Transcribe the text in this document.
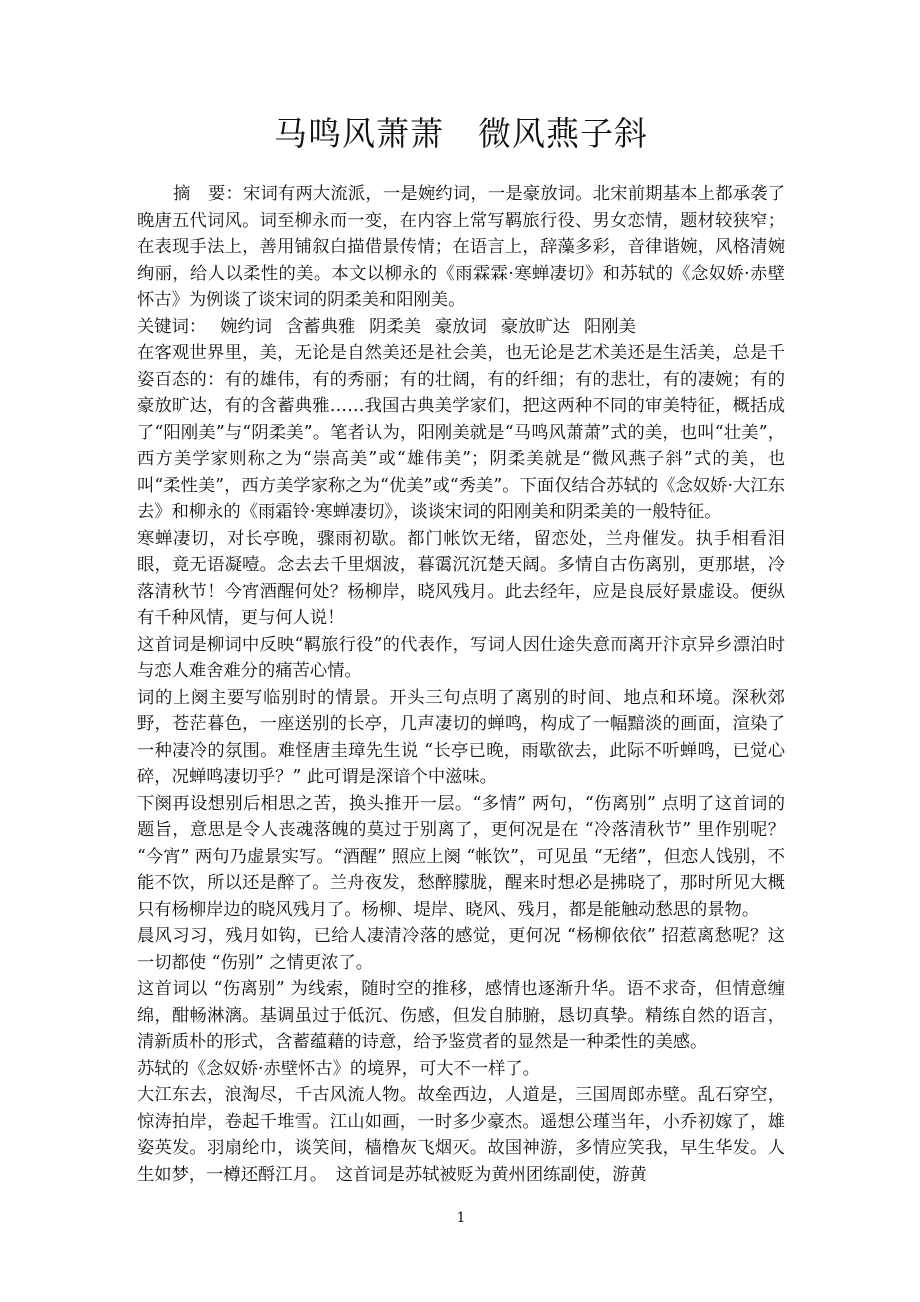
马鸣风萧萧　微风燕子斜

摘　要：宋词有两大流派，一是婉约词，一是豪放词。北宋前期基本上都承袭了晚唐五代词风。词至柳永而一变，在内容上常写羁旅行役、男女恋情，题材较狭窄；在表现手法上，善用铺叙白描借景传情；在语言上，辞藻多彩，音律谐婉，风格清婉绚丽，给人以柔性的美。本文以柳永的《雨霖霖·寒蝉凄切》和苏轼的《念奴娇·赤壁怀古》为例谈了谈宋词的阴柔美和阳刚美。

关键词： 婉约词 含蓄典雅 阴柔美 豪放词 豪放旷达 阳刚美

在客观世界里，美，无论是自然美还是社会美，也无论是艺术美还是生活美，总是千姿百态的：有的雄伟，有的秀丽；有的壮阔，有的纤细；有的悲壮，有的凄婉；有的豪放旷达，有的含蓄典雅……我国古典美学家们，把这两种不同的审美特征，概括成了“阳刚美”与“阴柔美”。笔者认为，阳刚美就是“马鸣风萧萧”式的美，也叫“壮美”，西方美学家则称之为“崇高美”或“雄伟美”；阴柔美就是“微风燕子斜”式的美，也叫“柔性美”，西方美学家称之为“优美”或“秀美”。下面仅结合苏轼的《念奴娇·大江东去》和柳永的《雨霜铃·寒蝉凄切》，谈谈宋词的阳刚美和阴柔美的一般特征。

寒蝉凄切，对长亭晚，骤雨初歇。都门帐饮无绪，留恋处，兰舟催发。执手相看泪眼，竟无语凝噎。念去去千里烟波，暮霭沉沉楚天阔。多情自古伤离别，更那堪，冷落清秋节！今宵酒醒何处？杨柳岸，晓风残月。此去经年，应是良辰好景虚设。便纵有千种风情，更与何人说！

这首词是柳词中反映“羁旅行役”的代表作，写词人因仕途失意而离开汴京异乡漂泊时与恋人难舍难分的痛苦心情。

词的上阕主要写临别时的情景。开头三句点明了离别的时间、地点和环境。深秋郊野，苍茫暮色，一座送别的长亭，几声凄切的蝉鸣，构成了一幅黯淡的画面，渲染了一种凄冷的氛围。难怪唐圭璋先生说 “长亭已晚，雨歇欲去，此际不听蝉鸣，已觉心碎，况蝉鸣凄切乎？” 此可谓是深谙个中滋味。

下阕再设想别后相思之苦，换头推开一层。“多情” 两句，“伤离别” 点明了这首词的题旨，意思是令人丧魂落魄的莫过于别离了，更何况是在 “冷落清秋节” 里作别呢？ “今宵” 两句乃虚景实写。“酒醒” 照应上阕 “帐饮”，可见虽 “无绪”，但恋人饯别，不能不饮，所以还是醉了。兰舟夜发，愁醉朦胧，醒来时想必是拂晓了，那时所见大概只有杨柳岸边的晓风残月了。杨柳、堤岸、晓风、残月，都是能触动愁思的景物。

晨风习习，残月如钩，已给人凄清冷落的感觉，更何况 “杨柳依依” 招惹离愁呢？这一切都使 “伤别” 之情更浓了。

这首词以 “伤离别” 为线索，随时空的推移，感情也逐渐升华。语不求奇，但情意缠绵，酣畅淋漓。基调虽过于低沉、伤感，但发自肺腑，恳切真挚。精练自然的语言，清新质朴的形式，含蓄蕴藉的诗意，给予鉴赏者的显然是一种柔性的美感。

苏轼的《念奴娇·赤壁怀古》的境界，可大不一样了。

大江东去，浪淘尽，千古风流人物。故垒西边，人道是，三国周郎赤壁。乱石穿空，惊涛拍岸，卷起千堆雪。江山如画，一时多少豪杰。遥想公瑾当年，小乔初嫁了，雄姿英发。羽扇纶巾，谈笑间，樯橹灰飞烟灭。故国神游，多情应笑我，早生华发。人生如梦，一樽还酹江月。　这首词是苏轼被贬为黄州团练副使，游黄

1
